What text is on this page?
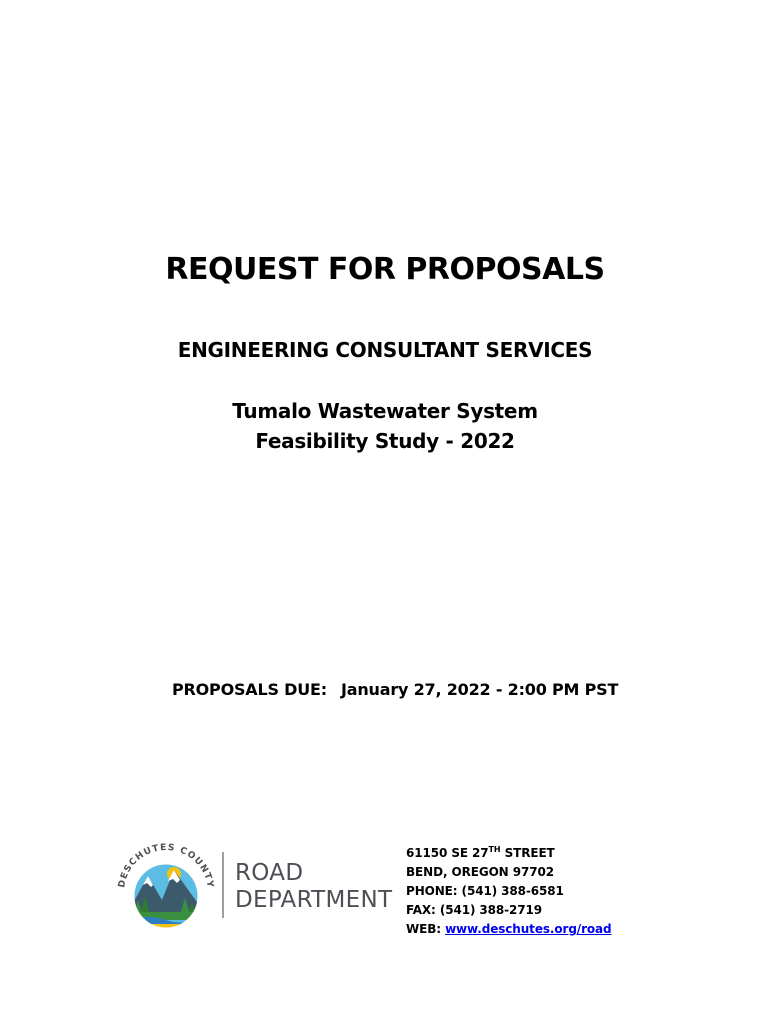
REQUEST FOR PROPOSALS
ENGINEERING CONSULTANT SERVICES
Tumalo Wastewater System
Feasibility Study - 2022
PROPOSALS DUE: January 27, 2022 - 2:00 PM PST
DESCHUTES COUNTY ROAD
DEPARTMENT
61150 SE 27TH STREET
BEND, OREGON 97702
PHONE: (541) 388-6581
FAX: (541) 388-2719
WEB: www.deschutes.org/road
